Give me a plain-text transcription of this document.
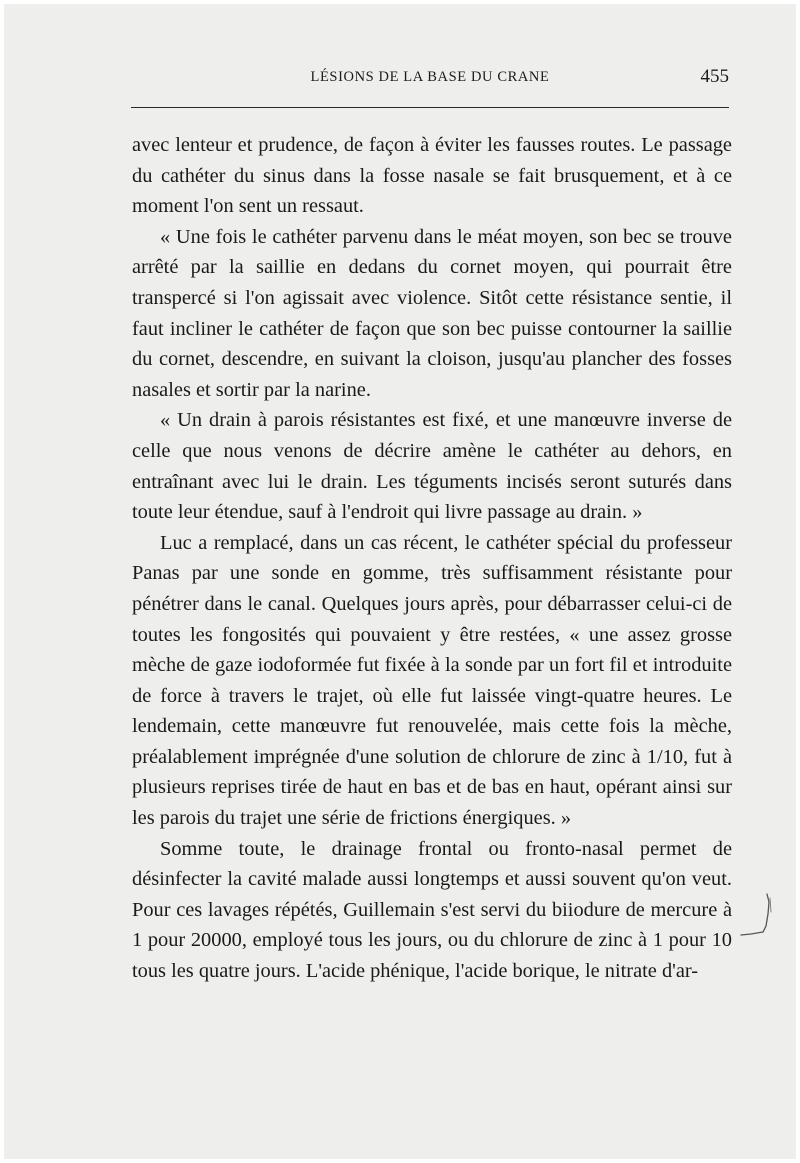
LÉSIONS DE LA BASE DU CRANE	455

avec lenteur et prudence, de façon à éviter les fausses routes. Le passage du cathéter du sinus dans la fosse nasale se fait brusquement, et à ce moment l'on sent un ressaut.

« Une fois le cathéter parvenu dans le méat moyen, son bec se trouve arrêté par la saillie en dedans du cornet moyen, qui pourrait être transpercé si l'on agissait avec violence. Sitôt cette résistance sentie, il faut incliner le cathéter de façon que son bec puisse contourner la saillie du cornet, descendre, en suivant la cloison, jusqu'au plancher des fosses nasales et sortir par la narine.

« Un drain à parois résistantes est fixé, et une manœuvre inverse de celle que nous venons de décrire amène le cathéter au dehors, en entraînant avec lui le drain. Les téguments incisés seront suturés dans toute leur étendue, sauf à l'endroit qui livre passage au drain. »

Luc a remplacé, dans un cas récent, le cathéter spécial du professeur Panas par une sonde en gomme, très suffisamment résistante pour pénétrer dans le canal. Quelques jours après, pour débarrasser celui-ci de toutes les fongosités qui pouvaient y être restées, « une assez grosse mèche de gaze iodoformée fut fixée à la sonde par un fort fil et introduite de force à travers le trajet, où elle fut laissée vingt-quatre heures. Le lendemain, cette manœuvre fut renouvelée, mais cette fois la mèche, préalablement imprégnée d'une solution de chlorure de zinc à 1/10, fut à plusieurs reprises tirée de haut en bas et de bas en haut, opérant ainsi sur les parois du trajet une série de frictions énergiques. »

Somme toute, le drainage frontal ou fronto-nasal permet de désinfecter la cavité malade aussi longtemps et aussi souvent qu'on veut. Pour ces lavages répétés, Guillemain s'est servi du biiodure de mercure à 1 pour 20000, employé tous les jours, ou du chlorure de zinc à 1 pour 10 tous les quatre jours. L'acide phénique, l'acide borique, le nitrate d'ar-
